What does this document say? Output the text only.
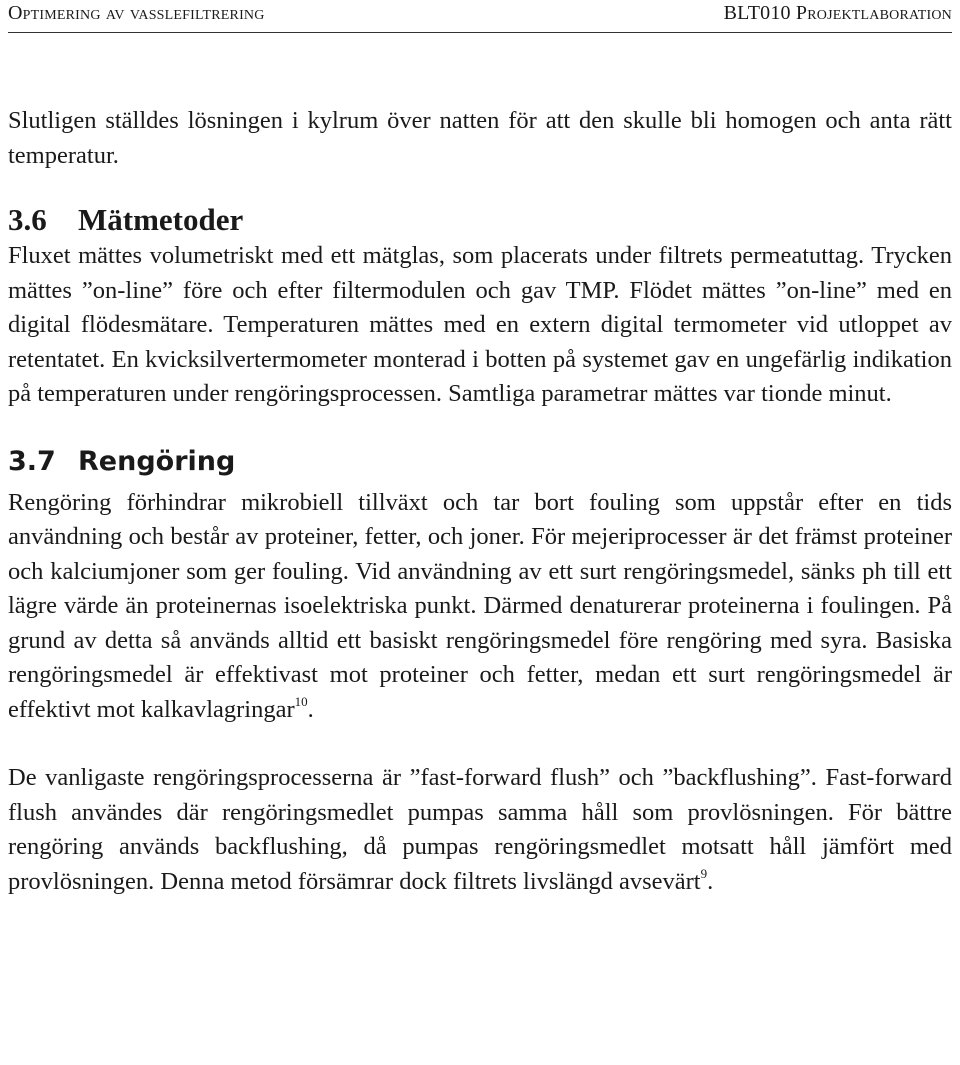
Optimering av vasslefiltrering	BLT010 Projektlaboration

Slutligen ställdes lösningen i kylrum över natten för att den skulle bli homogen och anta rätt temperatur.

3.6 Mätmetoder

Fluxet mättes volumetriskt med ett mätglas, som placerats under filtrets permeatuttag. Trycken mättes ”on-line” före och efter filtermodulen och gav TMP. Flödet mättes ”on-line” med en digital flödesmätare. Temperaturen mättes med en extern digital termometer vid utloppet av retentatet. En kvicksilvertermometer monterad i botten på systemet gav en ungefärlig indikation på temperaturen under rengöringsprocessen. Samtliga parametrar mättes var tionde minut.

3.7 Rengöring

Rengöring förhindrar mikrobiell tillväxt och tar bort fouling som uppstår efter en tids användning och består av proteiner, fetter, och joner. För mejeriprocesser är det främst proteiner och kalciumjoner som ger fouling. Vid användning av ett surt rengöringsmedel, sänks ph till ett lägre värde än proteinernas isoelektriska punkt. Därmed denaturerar proteinerna i foulingen. På grund av detta så används alltid ett basiskt rengöringsmedel före rengöring med syra. Basiska rengöringsmedel är effektivast mot proteiner och fetter, medan ett surt rengöringsmedel är effektivt mot kalkavlagringar$^{10}$.

De vanligaste rengöringsprocesserna är ”fast-forward flush” och ”backflushing”. Fast-forward flush användes där rengöringsmedlet pumpas samma håll som provlösningen. För bättre rengöring används backflushing, då pumpas rengöringsmedlet motsatt håll jämfört med provlösningen. Denna metod försämrar dock filtrets livslängd avsevärt$^9$.
